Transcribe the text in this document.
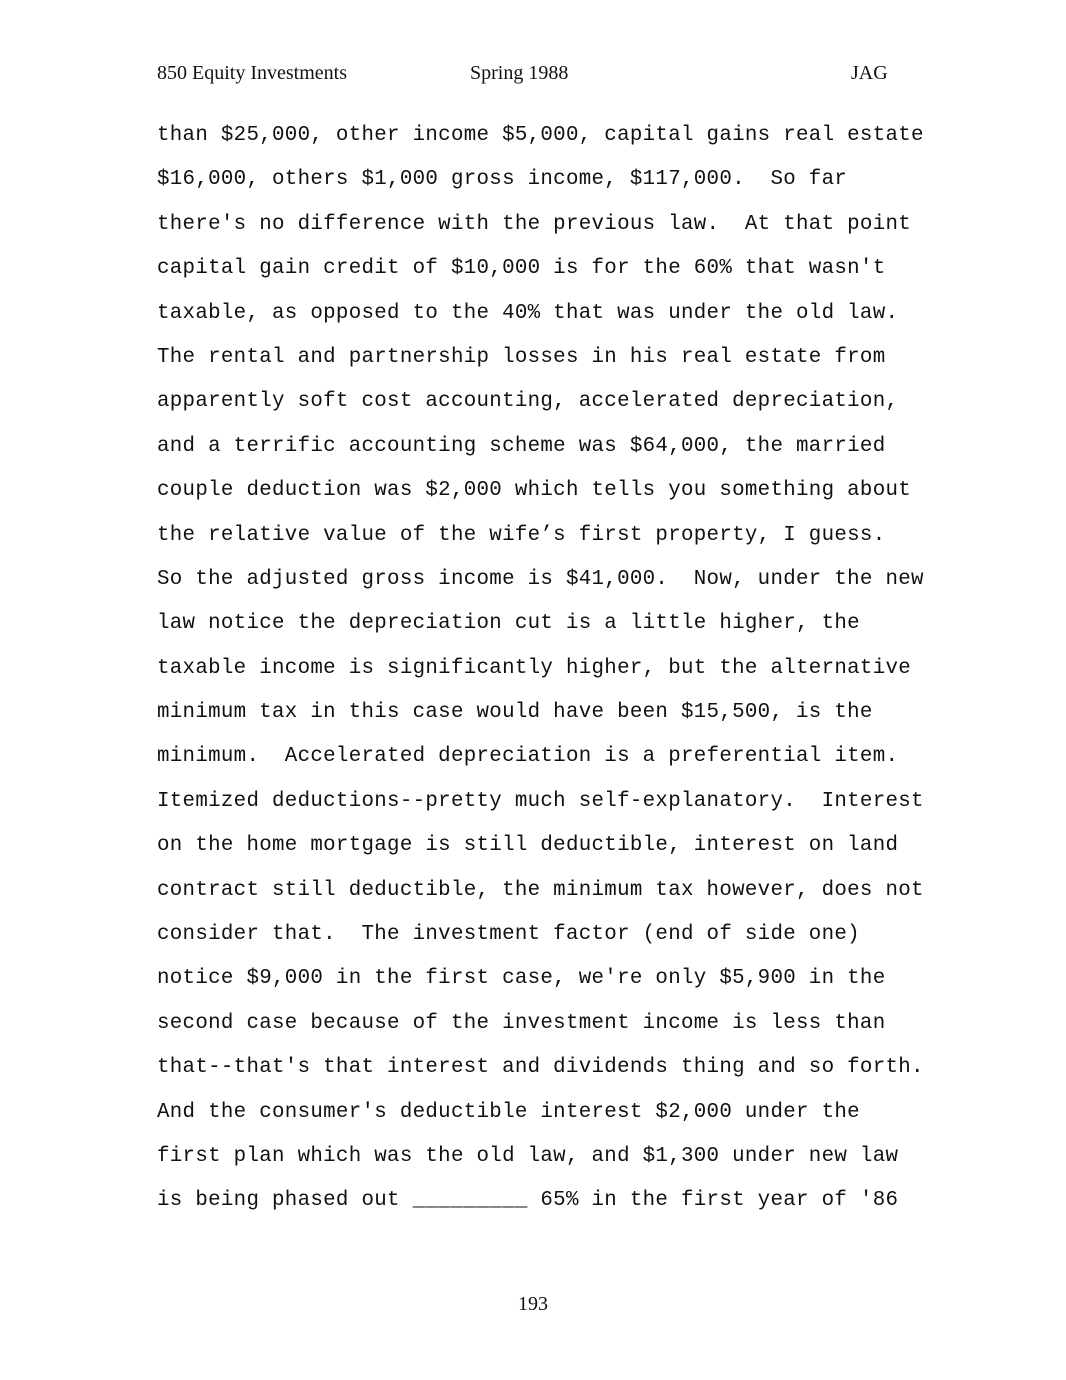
850 Equity Investments	Spring 1988	JAG
than $25,000, other income $5,000, capital gains real estate
$16,000, others $1,000 gross income, $117,000.  So far
there's no difference with the previous law.  At that point
capital gain credit of $10,000 is for the 60% that wasn't
taxable, as opposed to the 40% that was under the old law.
The rental and partnership losses in his real estate from
apparently soft cost accounting, accelerated depreciation,
and a terrific accounting scheme was $64,000, the married
couple deduction was $2,000 which tells you something about
the relative value of the wife’s first property, I guess.
So the adjusted gross income is $41,000.  Now, under the new
law notice the depreciation cut is a little higher, the
taxable income is significantly higher, but the alternative
minimum tax in this case would have been $15,500, is the
minimum.  Accelerated depreciation is a preferential item.
Itemized deductions--pretty much self-explanatory.  Interest
on the home mortgage is still deductible, interest on land
contract still deductible, the minimum tax however, does not
consider that.  The investment factor (end of side one)
notice $9,000 in the first case, we're only $5,900 in the
second case because of the investment income is less than
that--that's that interest and dividends thing and so forth.
And the consumer's deductible interest $2,000 under the
first plan which was the old law, and $1,300 under new law
is being phased out _________ 65% in the first year of '86
193
